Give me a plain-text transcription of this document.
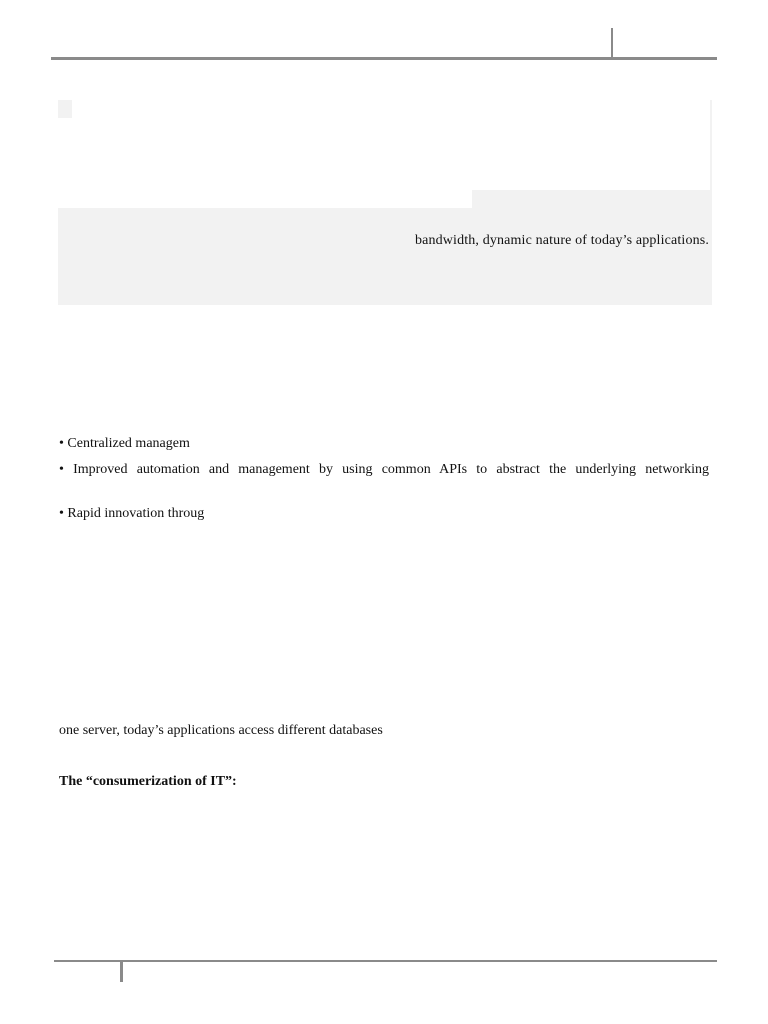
bandwidth, dynamic nature of today’s applications.
• Centralized managem
• Improved automation and management by using common APIs to abstract the underlying networking
• Rapid innovation throug
one server, today’s applications access different databases
The “consumerization of IT”:
